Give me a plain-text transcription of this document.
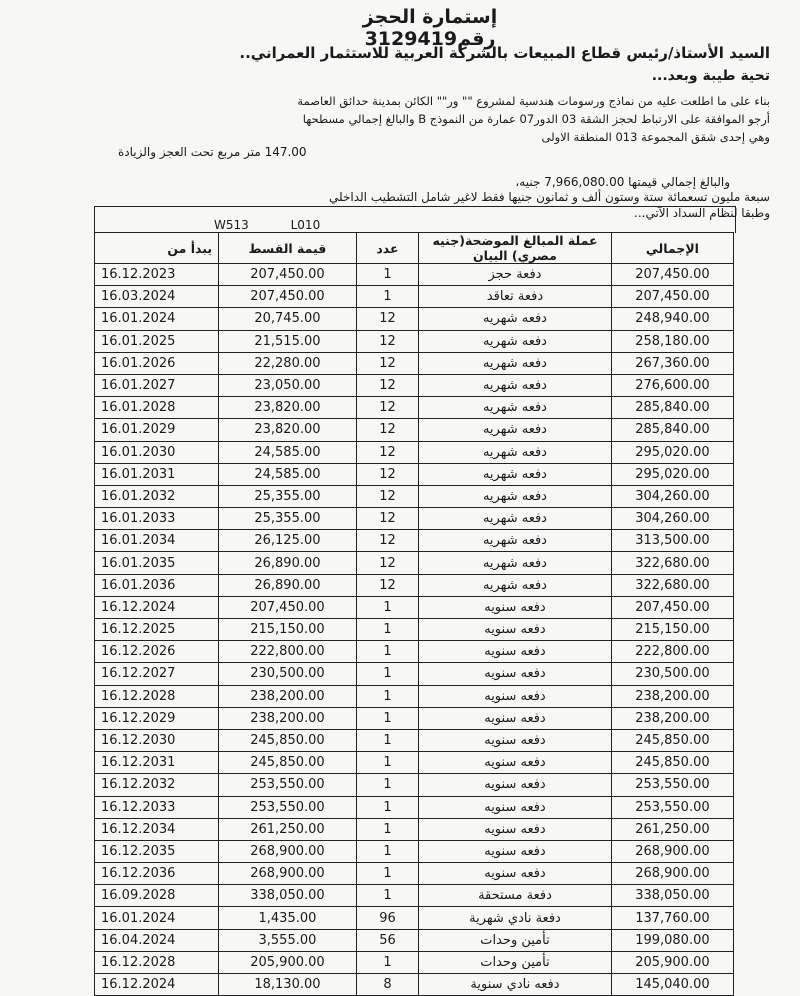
إستمارة الحجز رقم3129419
السيد الأستاذ/رئيس قطاع المبيعات بالشركة العربية للاستثمار العمراني..
تحية طيبة وبعد...
بناء على ما اطلعت عليه من نماذج ورسومات هندسية لمشروع "" ور"" الكائن بمدينة حدائق العاصمة
أرجو الموافقة على الارتباط لحجز الشقة 03 الدور07 عمارة من النموذج B والبالغ إجمالي مسطحها
وهي إحدى شقق المجموعة 013 المنطقة الاولى
147.00 متر مربع تحت العجز والزيادة
والبالغ إجمالي قيمتها 7,966,080.00 جنيه،
سبعة مليون تسعمائة ستة وستون ألف و ثمانون جنيها فقط لاغير شامل التشطيب الداخلي
وطبقا لنظام السداد الآتي...
W513	L010
يبدأ من	قيمة القسط	عدد	عملة المبالغ الموضحة(جنيه مصري) البيان	الإجمالي
16.12.2023	207,450.00	1	دفعة حجز	207,450.00
16.03.2024	207,450.00	1	دفعة تعاقد	207,450.00
16.01.2024	20,745.00	12	دفعه شهريه	248,940.00
16.01.2025	21,515.00	12	دفعه شهريه	258,180.00
16.01.2026	22,280.00	12	دفعه شهريه	267,360.00
16.01.2027	23,050.00	12	دفعه شهريه	276,600.00
16.01.2028	23,820.00	12	دفعه شهريه	285,840.00
16.01.2029	23,820.00	12	دفعه شهريه	285,840.00
16.01.2030	24,585.00	12	دفعه شهريه	295,020.00
16.01.2031	24,585.00	12	دفعه شهريه	295,020.00
16.01.2032	25,355.00	12	دفعه شهريه	304,260.00
16.01.2033	25,355.00	12	دفعه شهريه	304,260.00
16.01.2034	26,125.00	12	دفعه شهريه	313,500.00
16.01.2035	26,890.00	12	دفعه شهريه	322,680.00
16.01.2036	26,890.00	12	دفعه شهريه	322,680.00
16.12.2024	207,450.00	1	دفعه سنويه	207,450.00
16.12.2025	215,150.00	1	دفعه سنويه	215,150.00
16.12.2026	222,800.00	1	دفعه سنويه	222,800.00
16.12.2027	230,500.00	1	دفعه سنويه	230,500.00
16.12.2028	238,200.00	1	دفعه سنويه	238,200.00
16.12.2029	238,200.00	1	دفعه سنويه	238,200.00
16.12.2030	245,850.00	1	دفعه سنويه	245,850.00
16.12.2031	245,850.00	1	دفعه سنويه	245,850.00
16.12.2032	253,550.00	1	دفعه سنويه	253,550.00
16.12.2033	253,550.00	1	دفعه سنويه	253,550.00
16.12.2034	261,250.00	1	دفعه سنويه	261,250.00
16.12.2035	268,900.00	1	دفعه سنويه	268,900.00
16.12.2036	268,900.00	1	دفعه سنويه	268,900.00
16.09.2028	338,050.00	1	دفعة مستحقة	338,050.00
16.01.2024	1,435.00	96	دفعة نادي شهرية	137,760.00
16.04.2024	3,555.00	56	تأمين وحدات	199,080.00
16.12.2028	205,900.00	1	تأمين وحدات	205,900.00
16.12.2024	18,130.00	8	دفعه نادي سنوية	145,040.00
